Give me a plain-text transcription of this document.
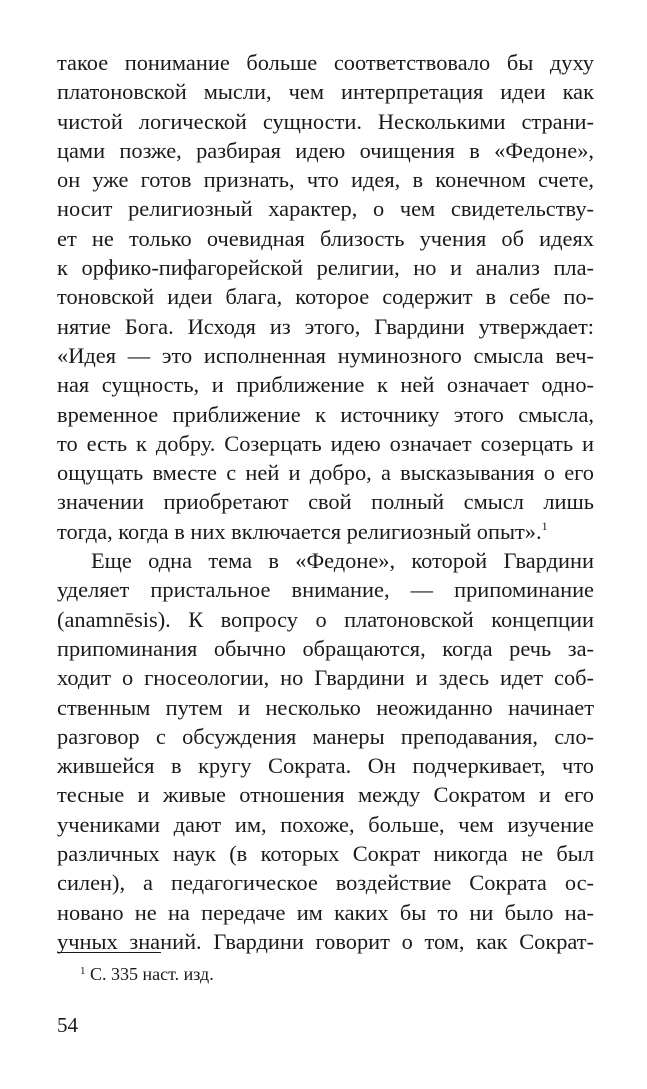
такое понимание больше соответствовало бы духу
платоновской мысли, чем интерпретация идеи как
чистой логической сущности. Несколькими страни-
цами позже, разбирая идею очищения в «Федоне»,
он уже готов признать, что идея, в конечном счете,
носит религиозный характер, о чем свидетельству-
ет не только очевидная близость учения об идеях
к орфико-пифагорейской религии, но и анализ пла-
тоновской идеи блага, которое содержит в себе по-
нятие Бога. Исходя из этого, Гвардини утверждает:
«Идея — это исполненная нуминозного смысла веч-
ная сущность, и приближение к ней означает одно-
временное приближение к источнику этого смысла,
то есть к добру. Созерцать идею означает созерцать и
ощущать вместе с ней и добро, а высказывания о его
значении приобретают свой полный смысл лишь
тогда, когда в них включается религиозный опыт».$^1$
Еще одна тема в «Федоне», которой Гвардини
уделяет пристальное внимание, — припоминание
(anamnēsis). К вопросу о платоновской концепции
припоминания обычно обращаются, когда речь за-
ходит о гносеологии, но Гвардини и здесь идет соб-
ственным путем и несколько неожиданно начинает
разговор с обсуждения манеры преподавания, сло-
жившейся в кругу Сократа. Он подчеркивает, что
тесные и живые отношения между Сократом и его
учениками дают им, похоже, больше, чем изучение
различных наук (в которых Сократ никогда не был
силен), а педагогическое воздействие Сократа ос-
новано не на передаче им каких бы то ни было на-
учных знаний. Гвардини говорит о том, как Сократ-
$^1$ С. 335 наст. изд.
54
